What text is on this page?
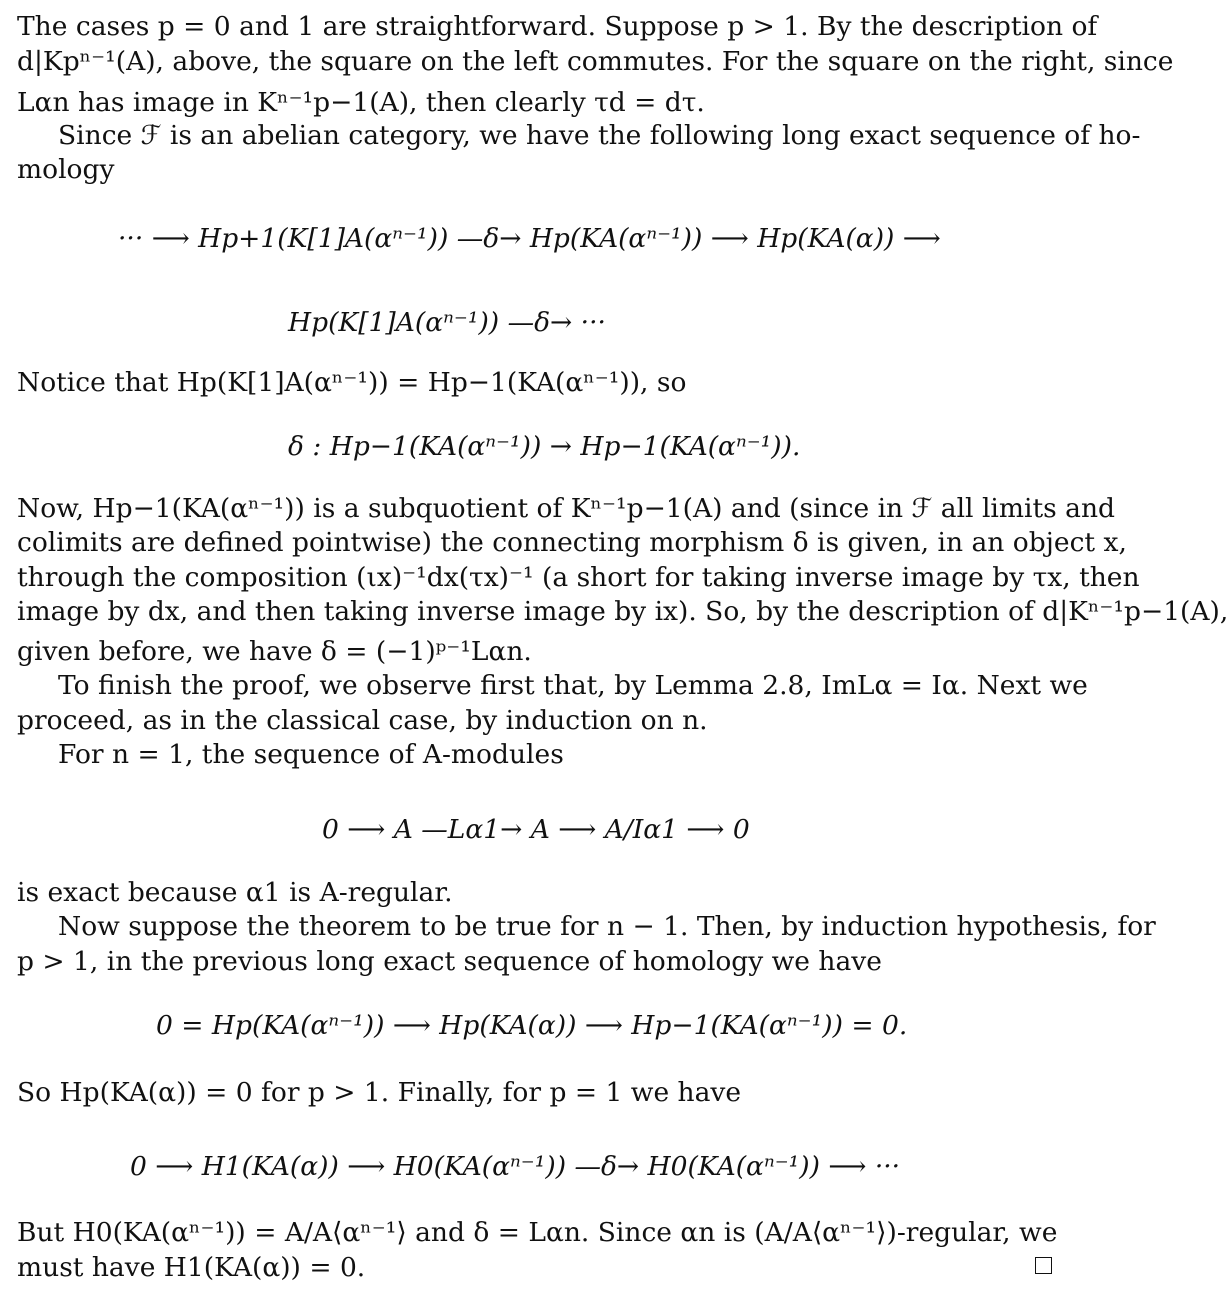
The cases p = 0 and 1 are straightforward. Suppose p > 1. By the description of
d|Kpⁿ⁻¹(A), above, the square on the left commutes. For the square on the right, since
Lαn has image in Kⁿ⁻¹p−1(A), then clearly τd = dτ.
Since ℱ is an abelian category, we have the following long exact sequence of ho-
mology
··· ⟶ Hp+1(K[1]A(αⁿ⁻¹)) —δ→ Hp(KA(αⁿ⁻¹)) ⟶ Hp(KA(α)) ⟶
Hp(K[1]A(αⁿ⁻¹)) —δ→ ···
Notice that Hp(K[1]A(αⁿ⁻¹)) = Hp−1(KA(αⁿ⁻¹)), so
δ : Hp−1(KA(αⁿ⁻¹)) → Hp−1(KA(αⁿ⁻¹)).
Now, Hp−1(KA(αⁿ⁻¹)) is a subquotient of Kⁿ⁻¹p−1(A) and (since in ℱ all limits and
colimits are defined pointwise) the connecting morphism δ is given, in an object x,
through the composition (ιx)⁻¹dx(τx)⁻¹ (a short for taking inverse image by τx, then
image by dx, and then taking inverse image by ix). So, by the description of d|Kⁿ⁻¹p−1(A),
given before, we have δ = (−1)ᵖ⁻¹Lαn.
To finish the proof, we observe first that, by Lemma 2.8, ImLα = Iα. Next we
proceed, as in the classical case, by induction on n.
For n = 1, the sequence of A-modules
0 ⟶ A —Lα1→ A ⟶ A/Iα1 ⟶ 0
is exact because α1 is A-regular.
Now suppose the theorem to be true for n − 1. Then, by induction hypothesis, for
p > 1, in the previous long exact sequence of homology we have
0 = Hp(KA(αⁿ⁻¹)) ⟶ Hp(KA(α)) ⟶ Hp−1(KA(αⁿ⁻¹)) = 0.
So Hp(KA(α)) = 0 for p > 1. Finally, for p = 1 we have
0 ⟶ H1(KA(α)) ⟶ H0(KA(αⁿ⁻¹)) —δ→ H0(KA(αⁿ⁻¹)) ⟶ ···
But H0(KA(αⁿ⁻¹)) = A/A⟨αⁿ⁻¹⟩ and δ = Lαn. Since αn is (A/A⟨αⁿ⁻¹⟩)-regular, we
must have H1(KA(α)) = 0.
